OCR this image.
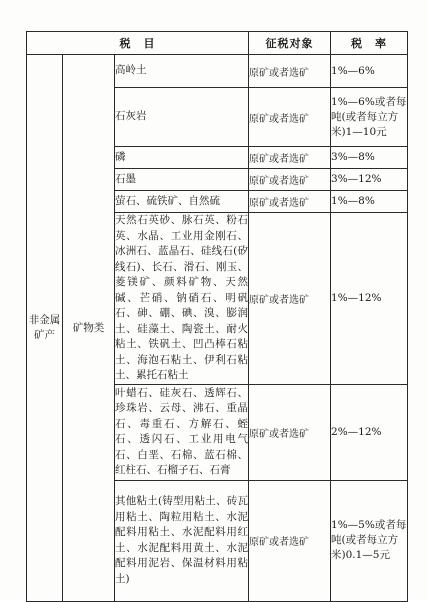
税　目			征税对象	税　率
非金属矿产	矿物类	高岭土	原矿或者选矿	1%—6%
		石灰岩	原矿或者选矿	1%—6%或者每吨(或者每立方米)1—10元
		磷	原矿或者选矿	3%—8%
		石墨	原矿或者选矿	3%—12%
		萤石、硫铁矿、自然硫	原矿或者选矿	1%—8%
		天然石英砂、脉石英、粉石英、水晶、工业用金刚石、冰洲石、蓝晶石、硅线石(矽线石)、长石、滑石、刚玉、菱镁矿、颜料矿物、天然碱、芒硝、钠硝石、明矾石、砷、硼、碘、溴、膨润土、硅藻土、陶瓷土、耐火粘土、铁矾土、凹凸棒石粘土、海泡石粘土、伊利石粘土、累托石粘土	原矿或者选矿	1%—12%
		叶蜡石、硅灰石、透辉石、珍珠岩、云母、沸石、重晶石、毒重石、方解石、蛭石、透闪石、工业用电气石、白垩、石棉、蓝石棉、红柱石、石榴子石、石膏	原矿或者选矿	2%—12%
		其他粘土(铸型用粘土、砖瓦用粘土、陶粒用粘土、水泥配料用粘土、水泥配料用红土、水泥配料用黄土、水泥配料用泥岩、保温材料用粘土)	原矿或者选矿	1%—5%或者每吨(或者每立方米)0.1—5元
